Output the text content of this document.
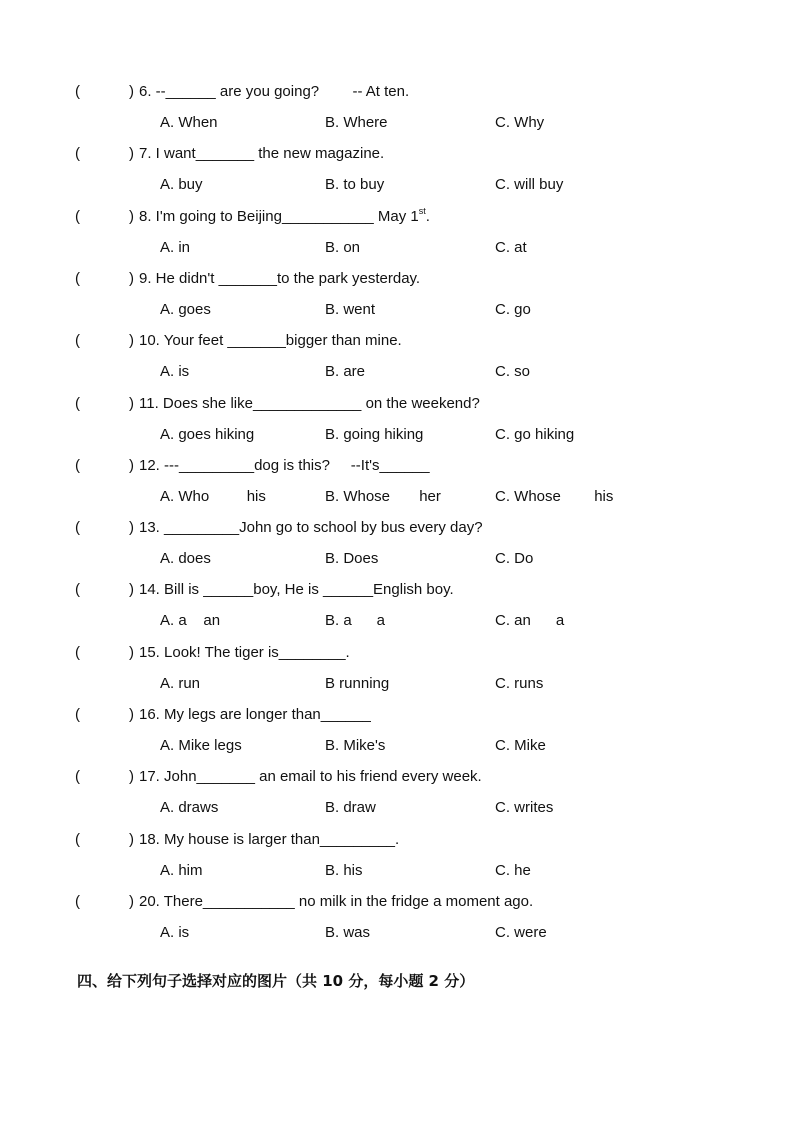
(	) 6. --______ are you going?        -- At ten.
A. When	B. Where	C. Why
(	) 7. I want_______ the new magazine.
A. buy	B. to buy	C. will buy
(	) 8. I'm going to Beijing___________ May 1st.
A. in	B. on	C. at
(	) 9. He didn't _______to the park yesterday.
A. goes	B. went	C. go
(	) 10. Your feet _______bigger than mine.
A. is	B. are	C. so
(	) 11. Does she like_____________ on the weekend?
A. goes hiking	B. going hiking	C. go hiking
(	) 12. ---_________dog is this?     --It's______
A. Who         his	B. Whose       her	C. Whose        his
(	) 13. _________John go to school by bus every day?
A. does	B. Does	C. Do
(	) 14. Bill is ______boy, He is ______English boy.
A. a    an	B. a      a	C. an      a
(	) 15. Look! The tiger is________.
A. run	B running	C. runs
(	) 16. My legs are longer than______
A. Mike legs	B. Mike's	C. Mike
(	) 17. John_______ an email to his friend every week.
A. draws	B. draw	C. writes
(	) 18. My house is larger than_________.
A. him	B. his	C. he
(	) 20. There___________ no milk in the fridge a moment ago.
A. is	B. was	C. were
四、给下列句子选择对应的图片（共 10 分，每小题 2 分）
